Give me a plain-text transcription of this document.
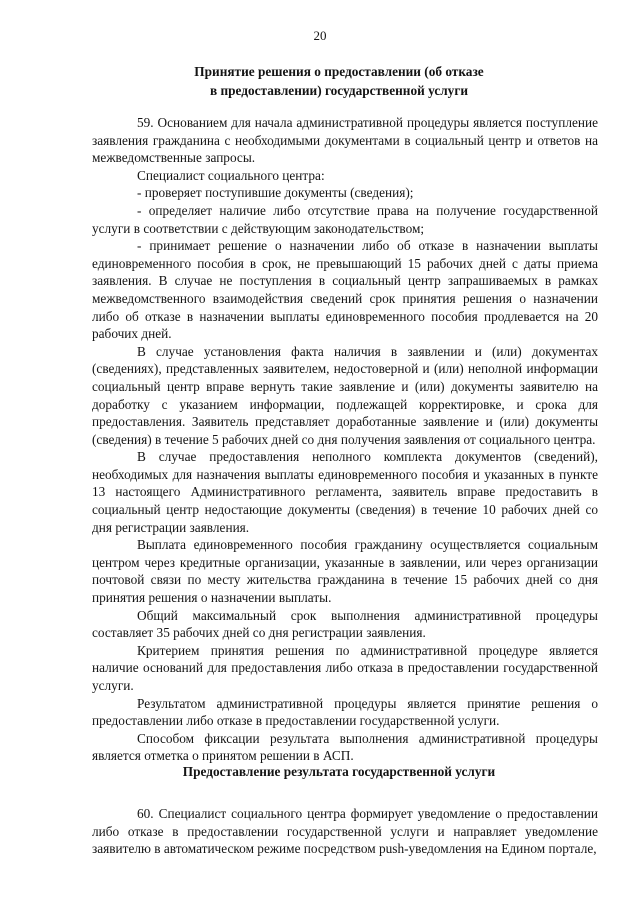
20
Принятие решения о предоставлении (об отказе
в предоставлении) государственной услуги

59. Основанием для начала административной процедуры является поступление заявления гражданина с необходимыми документами в социальный центр и ответов на межведомственные запросы.

Специалист социального центра:

- проверяет поступившие документы (сведения);

- определяет наличие либо отсутствие права на получение государственной услуги в соответствии с действующим законодательством;

- принимает решение о назначении либо об отказе в назначении выплаты единовременного пособия в срок, не превышающий 15 рабочих дней с даты приема заявления. В случае не поступления в социальный центр запрашиваемых в рамках межведомственного взаимодействия сведений срок принятия решения о назначении либо об отказе в назначении выплаты единовременного пособия продлевается на 20 рабочих дней.

В случае установления факта наличия в заявлении и (или) документах (сведениях), представленных заявителем, недостоверной и (или) неполной информации социальный центр вправе вернуть такие заявление и (или) документы заявителю на доработку с указанием информации, подлежащей корректировке, и срока для предоставления. Заявитель представляет доработанные заявление и (или) документы (сведения) в течение 5 рабочих дней со дня получения заявления от социального центра.

В случае предоставления неполного комплекта документов (сведений), необходимых для назначения выплаты единовременного пособия и указанных в пункте 13 настоящего Административного регламента, заявитель вправе предоставить в социальный центр недостающие документы (сведения) в течение 10 рабочих дней со дня регистрации заявления.

Выплата единовременного пособия гражданину осуществляется социальным центром через кредитные организации, указанные в заявлении, или через организации почтовой связи по месту жительства гражданина в течение 15 рабочих дней со дня принятия решения о назначении выплаты.

Общий максимальный срок выполнения административной процедуры составляет 35 рабочих дней со дня регистрации заявления.

Критерием принятия решения по административной процедуре является наличие оснований для предоставления либо отказа в предоставлении государственной услуги.

Результатом административной процедуры является принятие решения о предоставлении либо отказе в предоставлении государственной услуги.

Способом фиксации результата выполнения административной процедуры является отметка о принятом решении в АСП.

Предоставление результата государственной услуги

60. Специалист социального центра формирует уведомление о предоставлении либо отказе в предоставлении государственной услуги и направляет уведомление заявителю в автоматическом режиме посредством push-уведомления на Едином портале,
